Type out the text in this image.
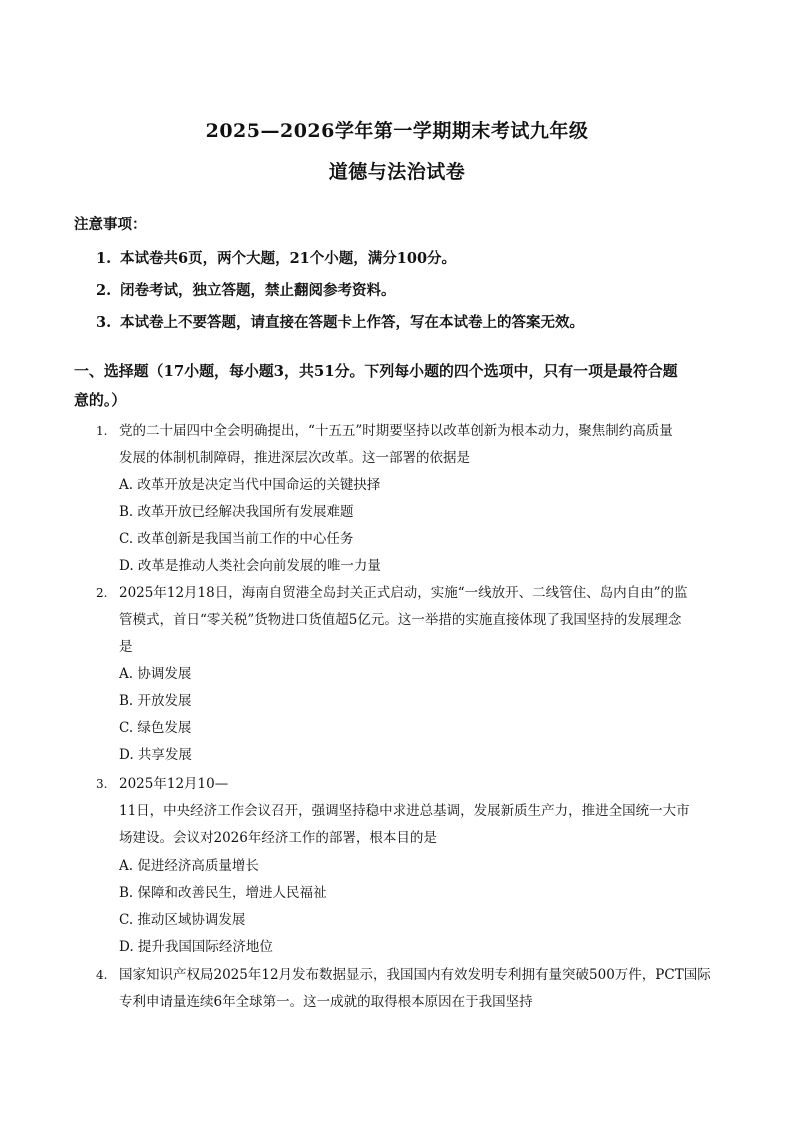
2025—2026学年第一学期期末考试九年级
道德与法治试卷
注意事项：
1. 本试卷共6页，两个大题，21个小题，满分100分。
2. 闭卷考试，独立答题，禁止翻阅参考资料。
3. 本试卷上不要答题，请直接在答题卡上作答，写在本试卷上的答案无效。
一、选择题（17小题，每小题3，共51分。下列每小题的四个选项中，只有一项是最符合题
意的。）
1. 党的二十届四中全会明确提出，“十五五”时期要坚持以改革创新为根本动力，聚焦制约高质量
发展的体制机制障碍，推进深层次改革。这一部署的依据是
A. 改革开放是决定当代中国命运的关键抉择
B. 改革开放已经解决我国所有发展难题
C. 改革创新是我国当前工作的中心任务
D. 改革是推动人类社会向前发展的唯一力量
2. 2025年12月18日，海南自贸港全岛封关正式启动，实施“一线放开、二线管住、岛内自由”的监
管模式，首日“零关税”货物进口货值超5亿元。这一举措的实施直接体现了我国坚持的发展理念
是
A. 协调发展
B. 开放发展
C. 绿色发展
D. 共享发展
3. 2025年12月10—
11日，中央经济工作会议召开，强调坚持稳中求进总基调，发展新质生产力，推进全国统一大市
场建设。会议对2026年经济工作的部署，根本目的是
A. 促进经济高质量增长
B. 保障和改善民生，增进人民福祉
C. 推动区域协调发展
D. 提升我国国际经济地位
4. 国家知识产权局2025年12月发布数据显示，我国国内有效发明专利拥有量突破500万件，PCT国际
专利申请量连续6年全球第一。这一成就的取得根本原因在于我国坚持
